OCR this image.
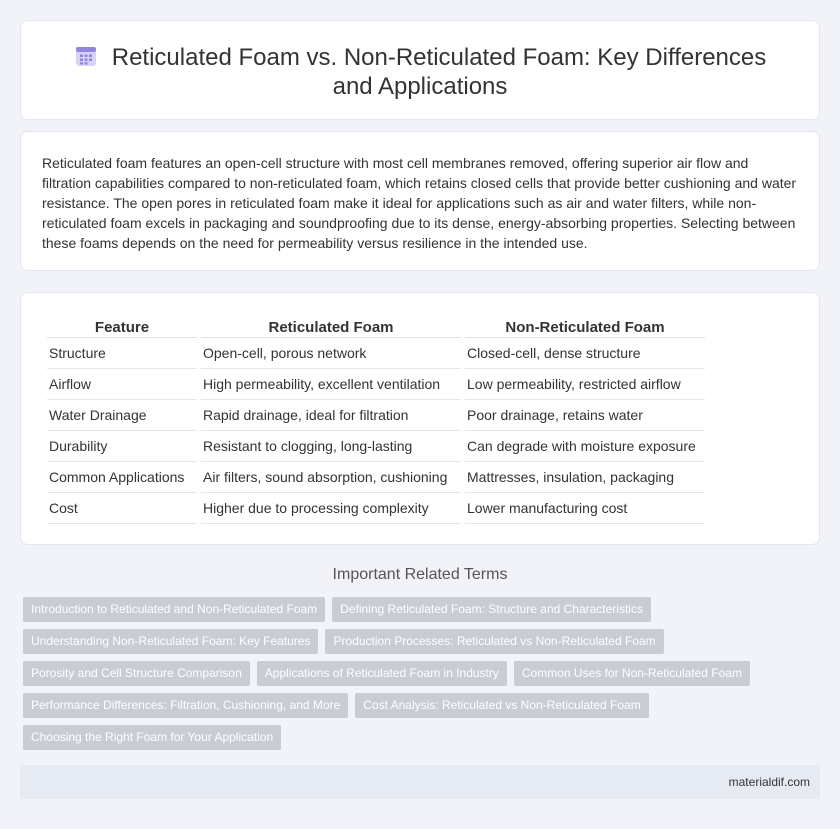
Reticulated Foam vs. Non-Reticulated Foam: Key Differences and Applications

Reticulated foam features an open-cell structure with most cell membranes removed, offering superior air flow and filtration capabilities compared to non-reticulated foam, which retains closed cells that provide better cushioning and water resistance. The open pores in reticulated foam make it ideal for applications such as air and water filters, while non-reticulated foam excels in packaging and soundproofing due to its dense, energy-absorbing properties. Selecting between these foams depends on the need for permeability versus resilience in the intended use.

Feature	Reticulated Foam	Non-Reticulated Foam
Structure	Open-cell, porous network	Closed-cell, dense structure
Airflow	High permeability, excellent ventilation	Low permeability, restricted airflow
Water Drainage	Rapid drainage, ideal for filtration	Poor drainage, retains water
Durability	Resistant to clogging, long-lasting	Can degrade with moisture exposure
Common Applications	Air filters, sound absorption, cushioning	Mattresses, insulation, packaging
Cost	Higher due to processing complexity	Lower manufacturing cost
Important Related Terms
Introduction to Reticulated and Non-Reticulated Foam	Defining Reticulated Foam: Structure and Characteristics
Understanding Non-Reticulated Foam: Key Features	Production Processes: Reticulated vs Non-Reticulated Foam
Porosity and Cell Structure Comparison	Applications of Reticulated Foam in Industry	Common Uses for Non-Reticulated Foam
Performance Differences: Filtration, Cushioning, and More	Cost Analysis: Reticulated vs Non-Reticulated Foam
Choosing the Right Foam for Your Application
materialdif.com
